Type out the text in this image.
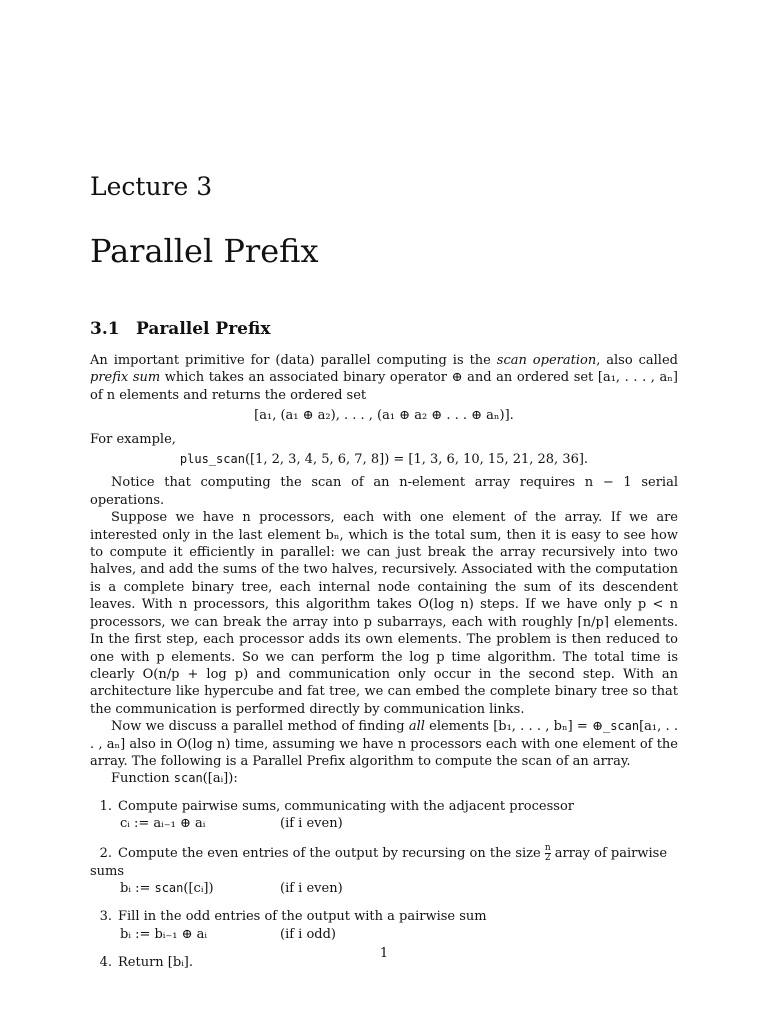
Lecture 3
Parallel Prefix
3.1 Parallel Prefix

An important primitive for (data) parallel computing is the scan operation, also called prefix sum which takes an associated binary operator ⊕ and an ordered set [a₁, . . . , aₙ] of n elements and returns the ordered set

[a₁, (a₁ ⊕ a₂), . . . , (a₁ ⊕ a₂ ⊕ . . . ⊕ aₙ)].

For example,

plus_scan([1, 2, 3, 4, 5, 6, 7, 8]) = [1, 3, 6, 10, 15, 21, 28, 36].

Notice that computing the scan of an n-element array requires n − 1 serial operations.

Suppose we have n processors, each with one element of the array. If we are interested only in the last element bₙ, which is the total sum, then it is easy to see how to compute it efficiently in parallel: we can just break the array recursively into two halves, and add the sums of the two halves, recursively. Associated with the computation is a complete binary tree, each internal node containing the sum of its descendent leaves. With n processors, this algorithm takes O(log n) steps. If we have only p < n processors, we can break the array into p subarrays, each with roughly ⌈n/p⌉ elements. In the first step, each processor adds its own elements. The problem is then reduced to one with p elements. So we can perform the log p time algorithm. The total time is clearly O(n/p + log p) and communication only occur in the second step. With an architecture like hypercube and fat tree, we can embed the complete binary tree so that the communication is performed directly by communication links.

Now we discuss a parallel method of finding all elements [b₁, . . . , bₙ] = ⊕_scan[a₁, . . . , aₙ] also in O(log n) time, assuming we have n processors each with one element of the array. The following is a Parallel Prefix algorithm to compute the scan of an array.

Function scan([aᵢ]):

1. Compute pairwise sums, communicating with the adjacent processor
cᵢ := aᵢ₋₁ ⊕ aᵢ	(if i even)
2. Compute the even entries of the output by recursing on the size $\frac{n}{2}$ array of pairwise sums
bᵢ := scan([cᵢ])	(if i even)
3. Fill in the odd entries of the output with a pairwise sum
bᵢ := bᵢ₋₁ ⊕ aᵢ	(if i odd)
4. Return [bᵢ].
1
